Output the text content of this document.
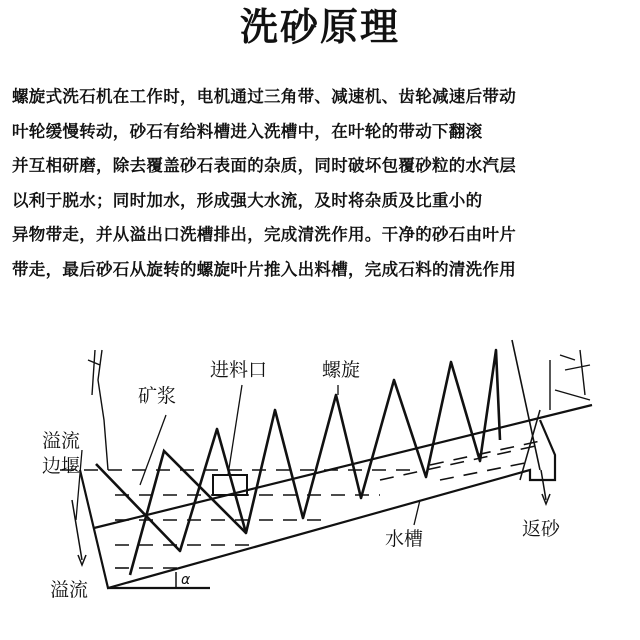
洗砂原理
螺旋式洗石机在工作时，电机通过三角带、减速机、齿轮减速后带动
叶轮缓慢转动，砂石有给料槽进入洗槽中，在叶轮的带动下翻滚
并互相研磨，除去覆盖砂石表面的杂质，同时破坏包覆砂粒的水汽层
以利于脱水；同时加水，形成强大水流，及时将杂质及比重小的
异物带走，并从溢出口洗槽排出，完成清洗作用。干净的砂石由叶片
带走，最后砂石从旋转的螺旋叶片推入出料槽，完成石料的清洗作用
溢流
边堰
矿浆
进料口	螺旋
水槽	返砂
溢流	α
